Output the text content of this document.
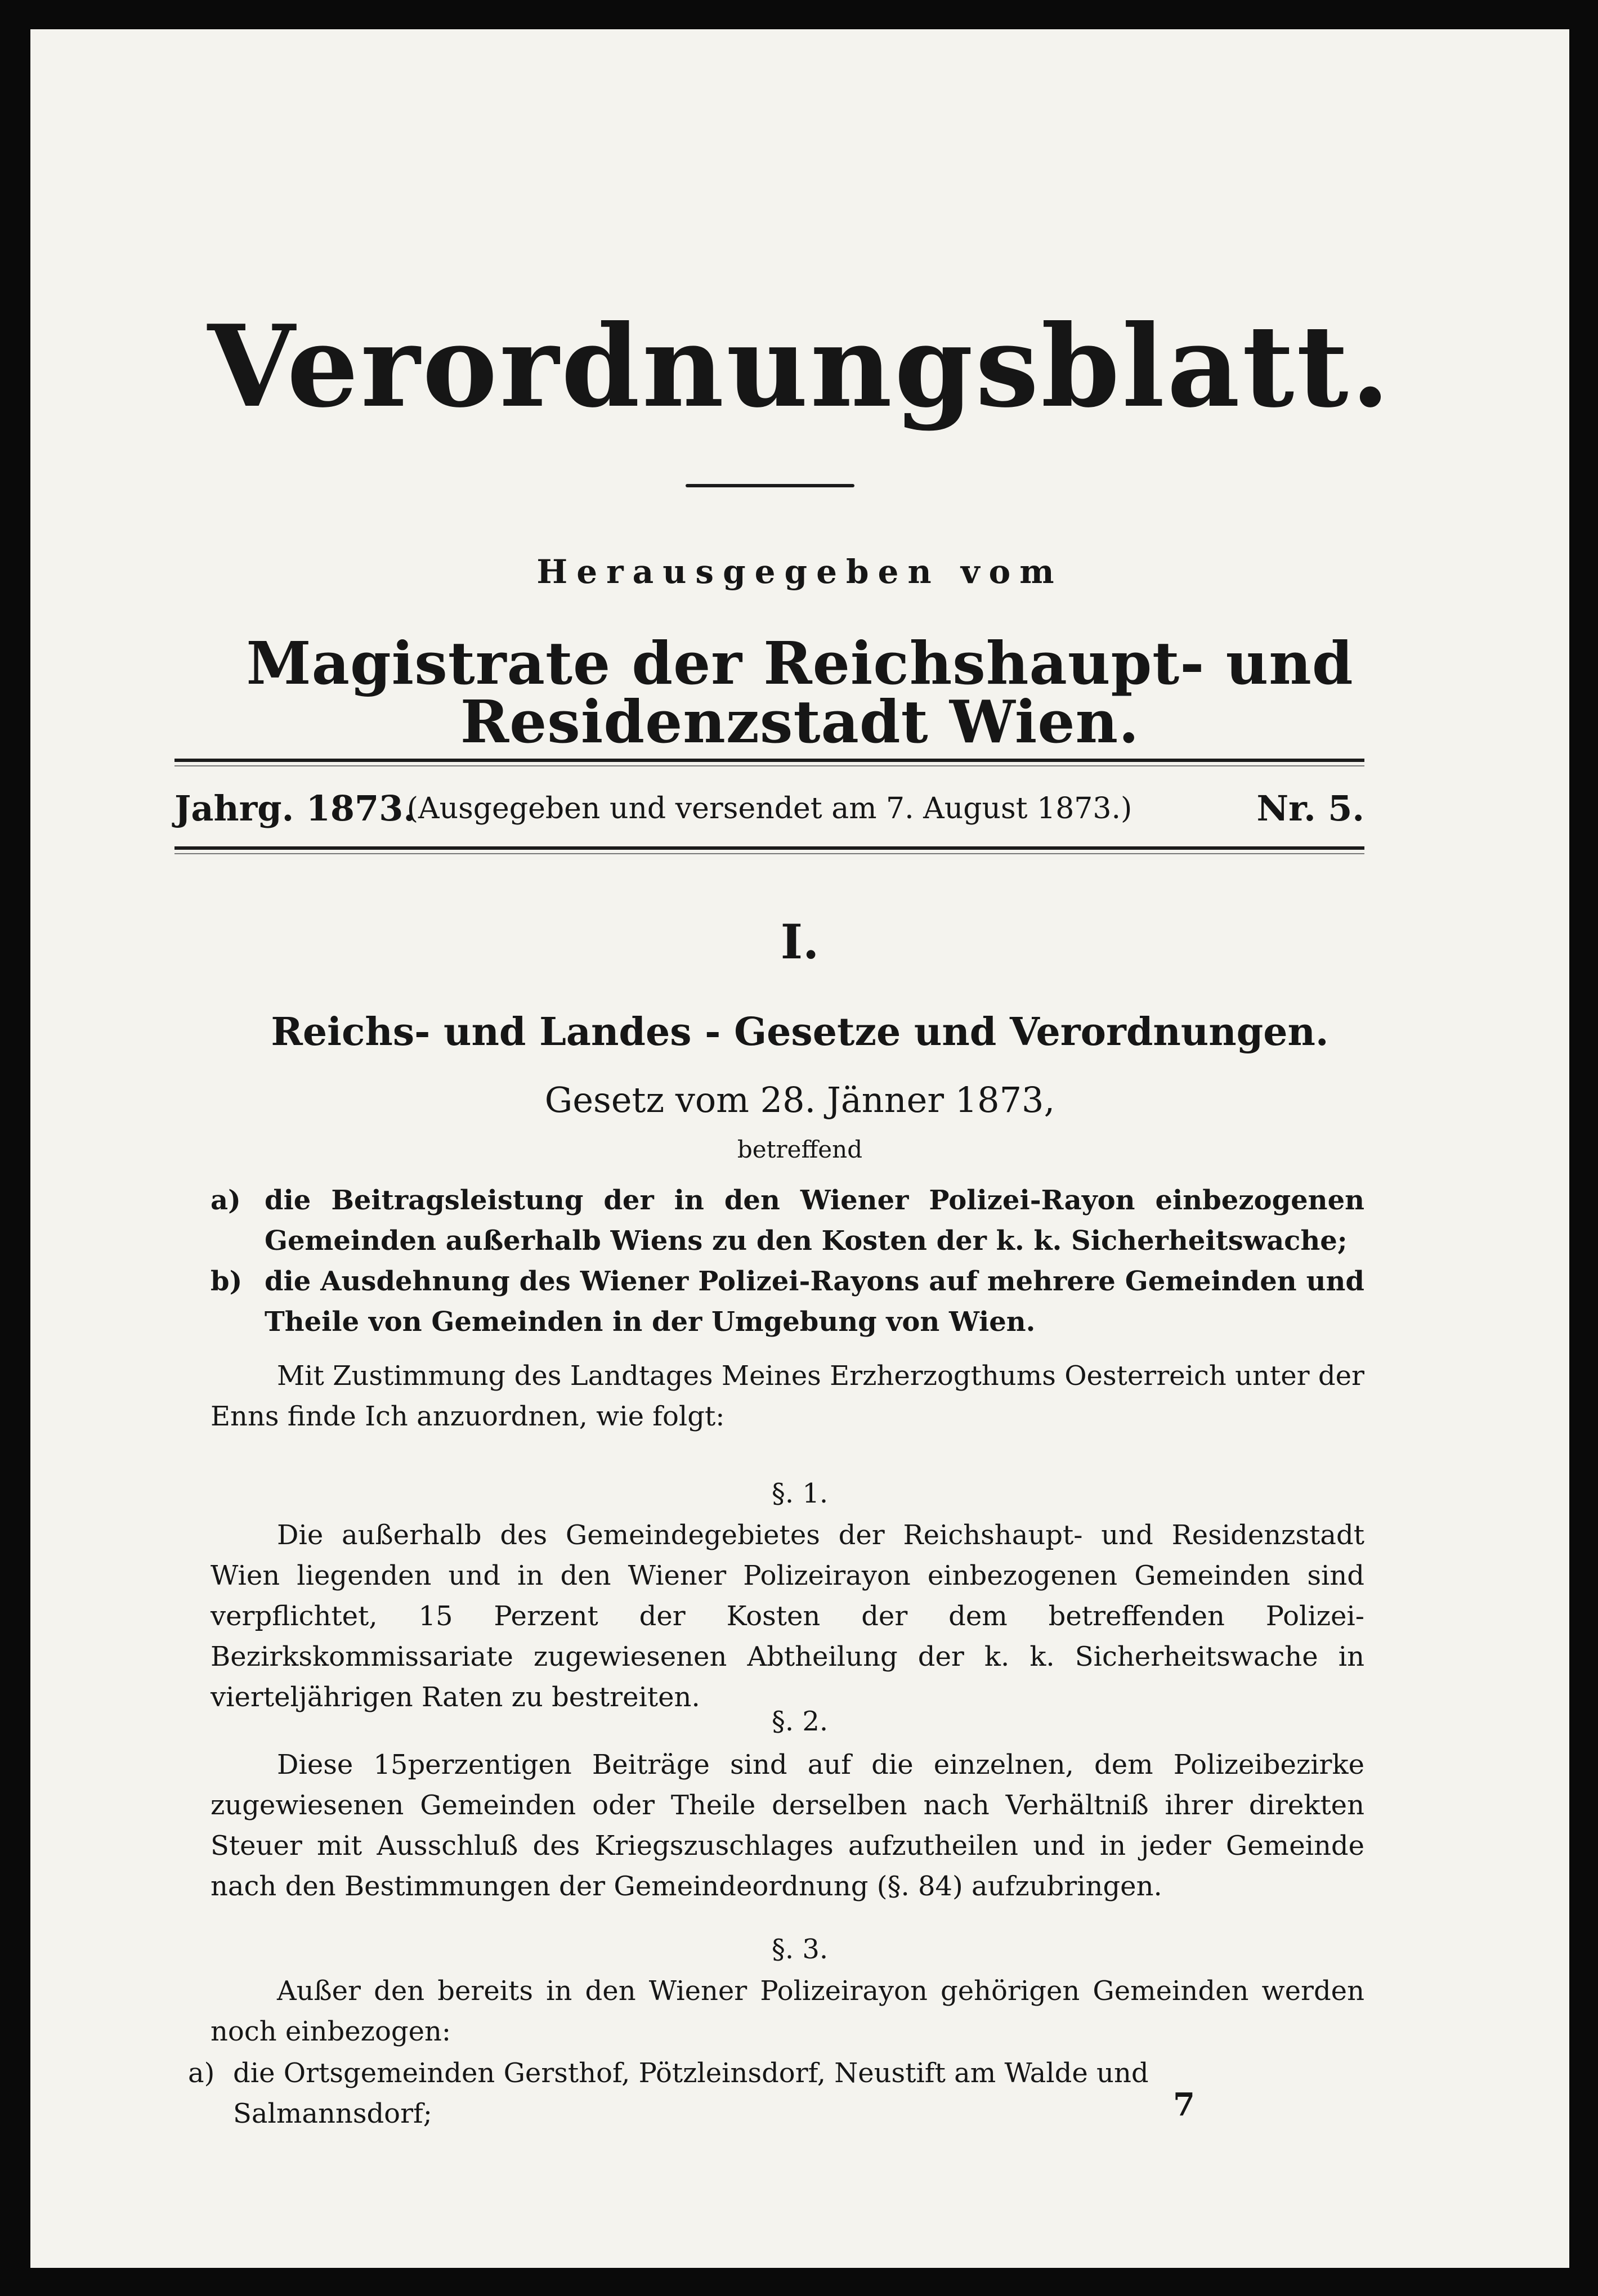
Verordnungsblatt.
Herausgegeben vom
Magistrate der Reichshaupt- und Residenzstadt Wien.
Jahrg. 1873.
(Ausgegeben und versendet am 7. August 1873.)	Nr. 5.
I.
Reichs- und Landes - Gesetze und Verordnungen.
Gesetz vom 28. Jänner 1873,
betreffend
a) die Beitragsleistung der in den Wiener Polizei-Rayon einbezogenen Gemeinden außerhalb Wiens zu den Kosten der k. k. Sicherheitswache;
b) die Ausdehnung des Wiener Polizei-Rayons auf mehrere Gemeinden und Theile von Gemeinden in der Umgebung von Wien.
Mit Zustimmung des Landtages Meines Erzherzogthums Oesterreich unter der Enns finde Ich anzuordnen, wie folgt:
§. 1.
Die außerhalb des Gemeindegebietes der Reichshaupt- und Residenzstadt Wien liegenden und in den Wiener Polizeirayon einbezogenen Gemeinden sind verpflichtet, 15 Perzent der Kosten der dem betreffenden Polizei-Bezirkskommissariate zugewiesenen Abtheilung der k. k. Sicherheitswache in vierteljährigen Raten zu bestreiten.
§. 2.
Diese 15perzentigen Beiträge sind auf die einzelnen, dem Polizeibezirke zugewiesenen Gemeinden oder Theile derselben nach Verhältniß ihrer direkten Steuer mit Ausschluß des Kriegszuschlages aufzutheilen und in jeder Gemeinde nach den Bestimmungen der Gemeindeordnung (§. 84) aufzubringen.
§. 3.
Außer den bereits in den Wiener Polizeirayon gehörigen Gemeinden werden noch einbezogen:
a) die Ortsgemeinden Gersthof, Pötzleinsdorf, Neustift am Walde und Salmannsdorf;	7
